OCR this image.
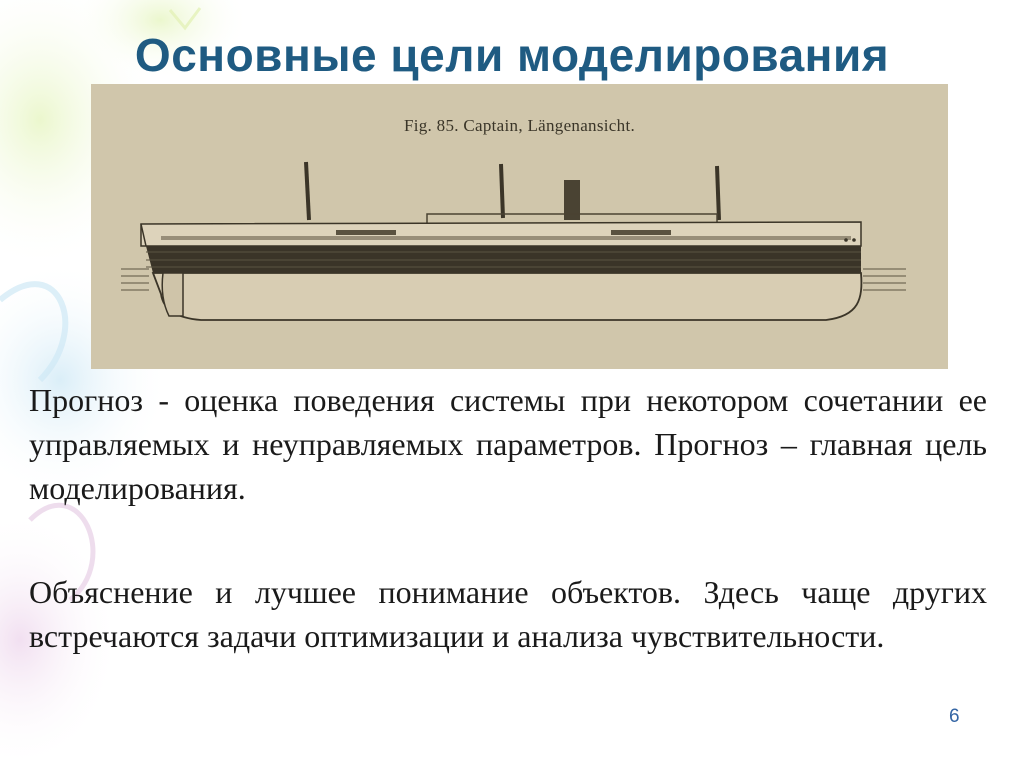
Основные цели моделирования
Fig. 85. Captain, Längenansicht.
Прогноз - оценка поведения системы при некотором сочетании ее управляемых и неуправляемых параметров. Прогноз – главная цель моделирования.
Объяснение и лучшее понимание объектов. Здесь чаще других встречаются задачи оптимизации и анализа чувствительности.
6
